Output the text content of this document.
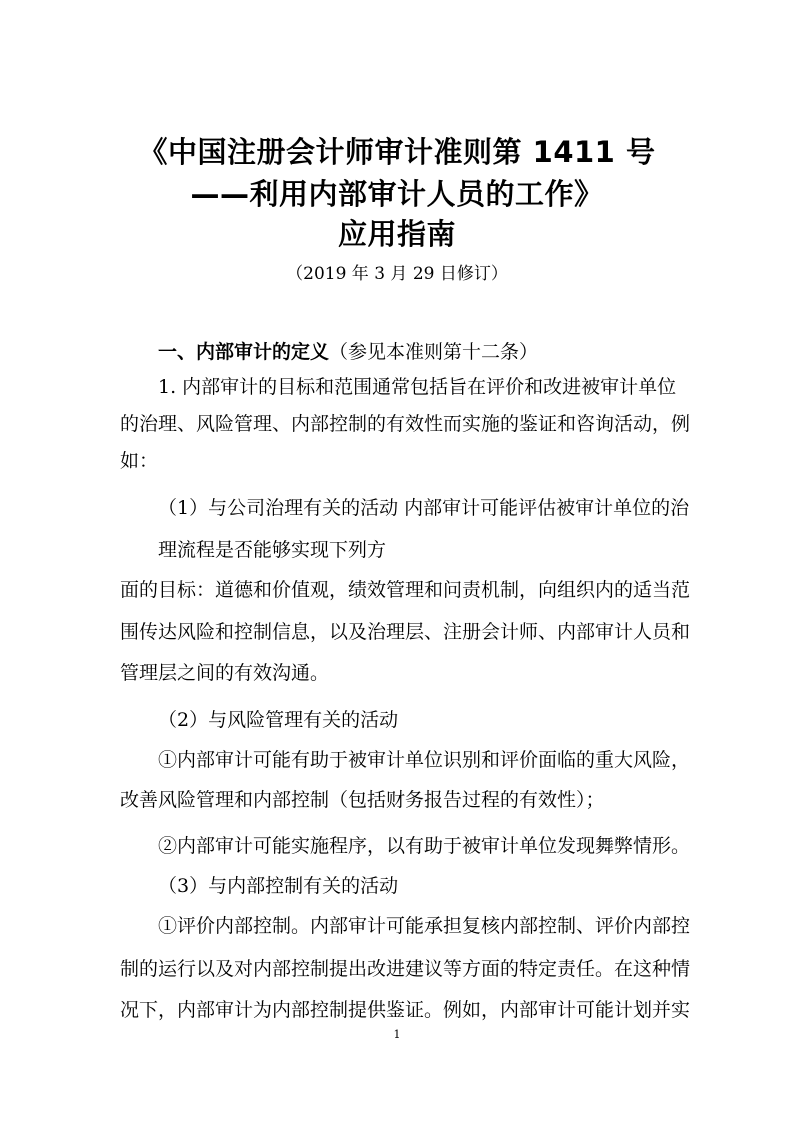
《中国注册会计师审计准则第 1411 号
——利用内部审计人员的工作》
应用指南
（2019 年 3 月 29 日修订）
一、内部审计的定义（参见本准则第十二条）
1. 内部审计的目标和范围通常包括旨在评价和改进被审计单位
的治理、风险管理、内部控制的有效性而实施的鉴证和咨询活动，例
如：
（1）与公司治理有关的活动 内部审计可能评估被审计单位的治
理流程是否能够实现下列方
面的目标：道德和价值观，绩效管理和问责机制，向组织内的适当范
围传达风险和控制信息，以及治理层、注册会计师、内部审计人员和
管理层之间的有效沟通。
（2）与风险管理有关的活动
①内部审计可能有助于被审计单位识别和评价面临的重大风险，
改善风险管理和内部控制（包括财务报告过程的有效性）；
②内部审计可能实施程序，以有助于被审计单位发现舞弊情形。
（3）与内部控制有关的活动
①评价内部控制。内部审计可能承担复核内部控制、评价内部控
制的运行以及对内部控制提出改进建议等方面的特定责任。在这种情
况下，内部审计为内部控制提供鉴证。例如，内部审计可能计划并实
1
